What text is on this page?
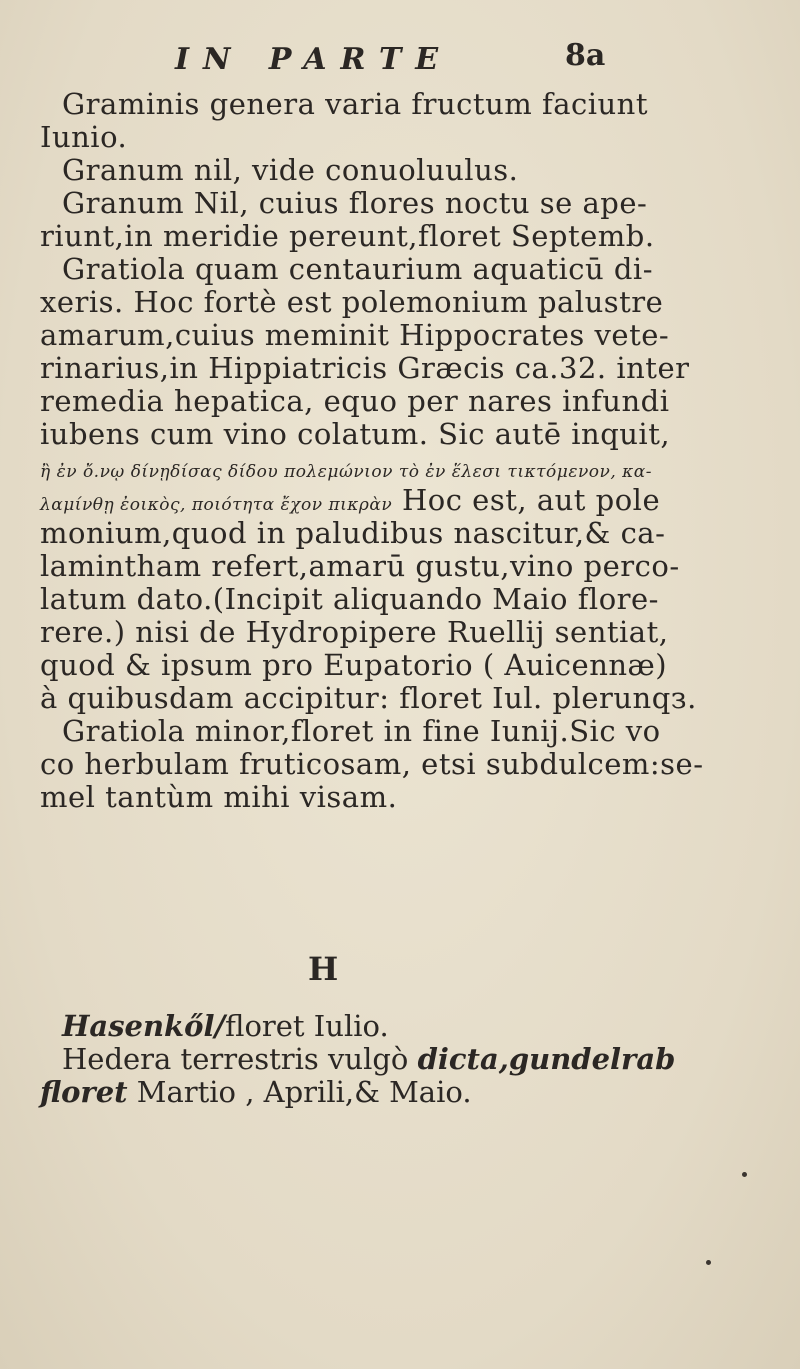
IN PARTE	8a
Graminis genera varia fructum faciunt
Iunio.
Granum nil, vide conuoluulus.
Granum Nil, cuius flores noctu se ape-
riunt,in meridie pereunt,floret Septemb.
Gratiola quam centaurium aquaticū di-
xeris. Hoc fortè est polemonium palustre
amarum,cuius meminit Hippocrates vete-
rinarius,in Hippiatricis Græcis ca.32. inter
remedia hepatica, equo per nares infundi
iubens cum vino colatum. Sic autē inquit,
ἢ ἐν ὄ.νῳ δίνῃδίσας δίδου πολεμώνιον τὸ ἐν ἕλεσι τικτόμενον, κα-
λαμίνθῃ ἐοικὸς, ποιότητα ἔχον πικρὰν Hoc est, aut pole
monium,quod in paludibus nascitur,& ca-
lamintham refert,amarū gustu,vino perco-
latum dato.(Incipit aliquando Maio flore-
rere.) nisi de Hydropipere Ruellij sentiat,
quod & ipsum pro Eupatorio ( Auicennæ)
à quibusdam accipitur: floret Iul. plerunqз.
Gratiola minor,floret in fine Iunij.Sic vo
co herbulam fruticosam, etsi subdulcem:se-
mel tantùm mihi visam.
H
Hasenkől/floret Iulio.
Hedera terrestris vulgò dicta,gundelrab
floret Martio , Aprili,& Maio.
